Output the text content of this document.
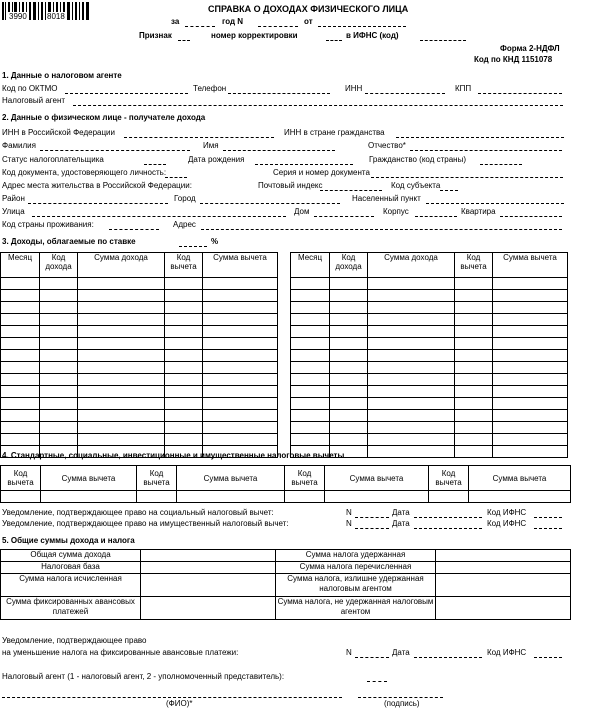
3990	8018
СПРАВКА О ДОХОДАХ ФИЗИЧЕСКОГО ЛИЦА
за	год N	от
Признак	номер корректировки	в ИФНС (код)
Форма 2-НДФЛ
Код по КНД 1151078
1. Данные о налоговом агенте
Код по ОКТМО	Телефон	ИНН	КПП
Налоговый агент
2. Данные о физическом лице - получателе дохода
ИНН в Российской Федерации	ИНН в стране гражданства
Фамилия	Имя	Отчество*
Статус налогоплательщика	Дата рождения	Гражданство (код страны)
Код документа, удостоверяющего личность:	Серия и номер документа
Адрес места жительства в Российской Федерации:	Почтовый индекс	Код субъекта
Район	Город	Населенный пункт
Улица	Дом	Корпус	Квартира
Код страны проживания:	Адрес
3. Доходы, облагаемые по ставке	%
Месяц	Код дохода	Сумма дохода	Код вычета	Сумма вычета

					Месяц	Код дохода	Сумма дохода	Код вычета	Сумма вычета

4. Стандартные, социальные, инвестиционные и имущественные налоговые вычеты
Код вычета	Сумма вычета	Код вычета	Сумма вычета	Код вычета	Сумма вычета	Код вычета	Сумма вычета

Уведомление, подтверждающее право на социальный налоговый вычет:	N	Дата	Код ИФНС
Уведомление, подтверждающее право на имущественный налоговый вычет:	N	Дата	Код ИФНС
5. Общие суммы дохода и налога
Общая сумма дохода		Сумма налога удержанная	
Налоговая база		Сумма налога перечисленная	
Сумма налога исчисленная		Сумма налога, излишне удержанная налоговым агентом	
Сумма фиксированных авансовых платежей		Сумма налога, не удержанная налоговым агентом	
Уведомление, подтверждающее право
на уменьшение налога на фиксированные авансовые платежи:	N	Дата	Код ИФНС
Налоговый агент (1 - налоговый агент, 2 - уполномоченный представитель):
(ФИО)*	(подпись)
